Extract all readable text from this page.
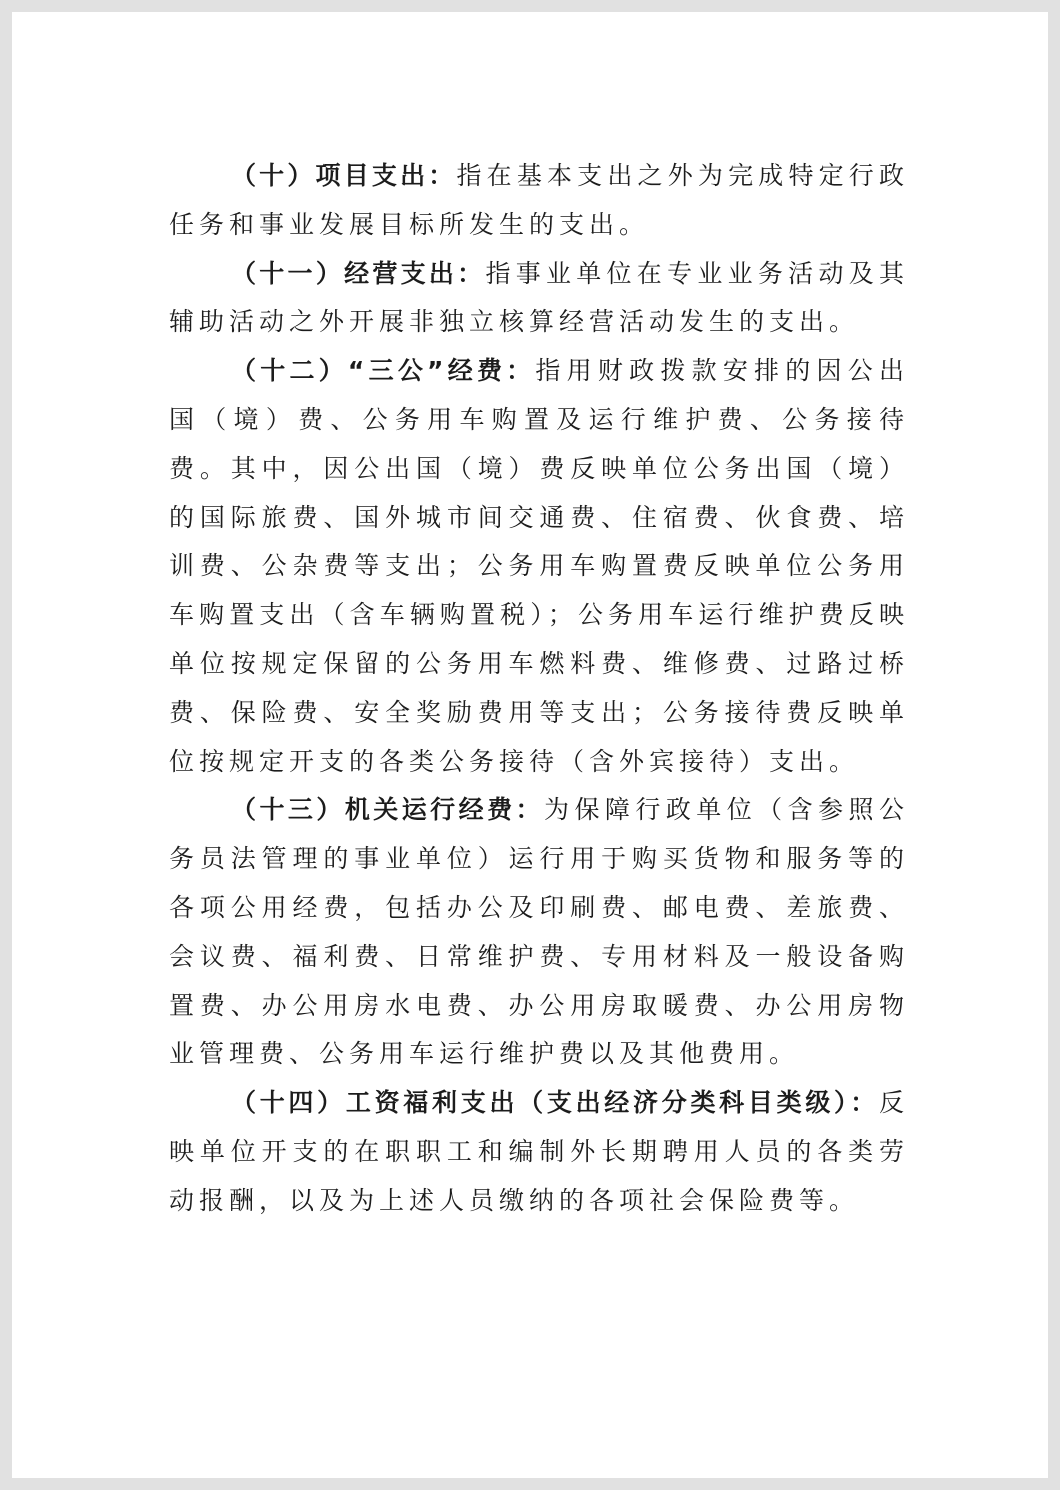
（十）项目支出：指在基本支出之外为完成特定行政任务和事业发展目标所发生的支出。

（十一）经营支出：指事业单位在专业业务活动及其辅助活动之外开展非独立核算经营活动发生的支出。

（十二）“三公”经费：指用财政拨款安排的因公出国（境）费、公务用车购置及运行维护费、公务接待费。其中，因公出国（境）费反映单位公务出国（境）的国际旅费、国外城市间交通费、住宿费、伙食费、培训费、公杂费等支出；公务用车购置费反映单位公务用车购置支出（含车辆购置税）；公务用车运行维护费反映单位按规定保留的公务用车燃料费、维修费、过路过桥费、保险费、安全奖励费用等支出；公务接待费反映单位按规定开支的各类公务接待（含外宾接待）支出。

（十三）机关运行经费：为保障行政单位（含参照公务员法管理的事业单位）运行用于购买货物和服务等的各项公用经费，包括办公及印刷费、邮电费、差旅费、会议费、福利费、日常维护费、专用材料及一般设备购置费、办公用房水电费、办公用房取暖费、办公用房物业管理费、公务用车运行维护费以及其他费用。

（十四）工资福利支出（支出经济分类科目类级）：反映单位开支的在职职工和编制外长期聘用人员的各类劳动报酬，以及为上述人员缴纳的各项社会保险费等。
